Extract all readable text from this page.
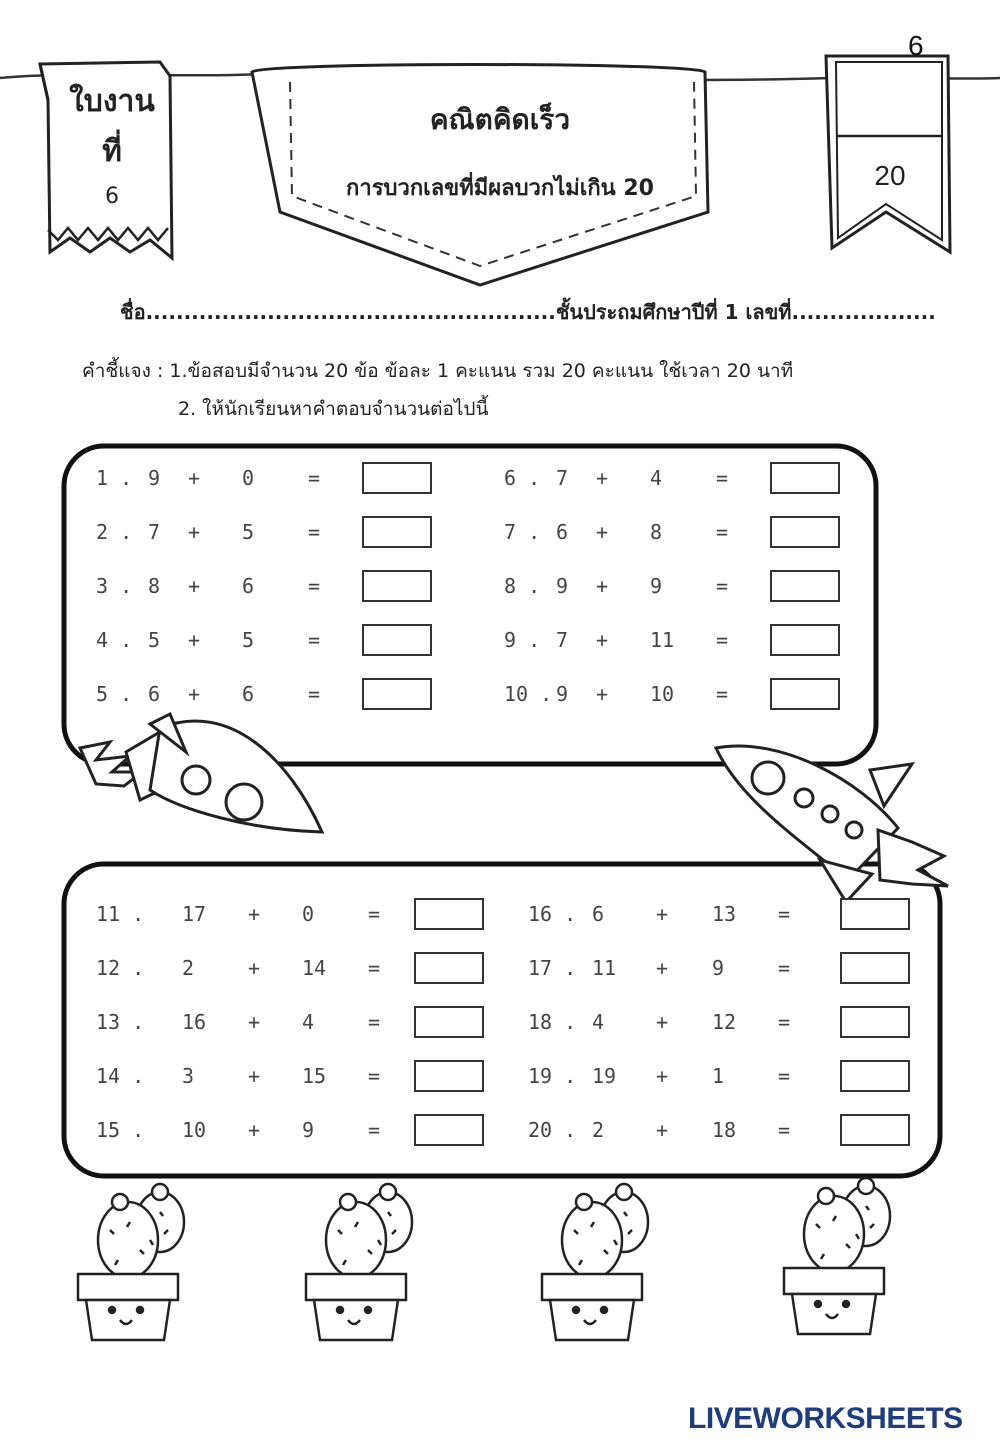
6
ใบงาน
ที่
6
20
คณิตคิดเร็ว
การบวกเลขที่มีผลบวกไม่เกิน 20
ชื่อ......................................................ชั้นประถมศึกษาปีที่ 1 เลขที่...................
คำชี้แจง : 1.ข้อสอบมีจำนวน 20 ข้อ ข้อละ 1 คะแนน รวม 20 คะแนน ใช้เวลา 20 นาที
2. ให้นักเรียนหาคำตอบจำนวนต่อไปนี้
1 . 9 + 0	=
2 . 7 + 5	=
3 . 8 + 6	=
4 . 5 + 5	=
5 . 6 + 6	=
6 . 7 + 4	=
7 . 6 + 8	=
8 . 9 + 9	=
9 . 7 + 11 =
10 . 9 + 10 =
11 . 17 + 0	=
12 . 2	+ 14 =
13 . 16 + 4	=
14 . 3	+ 15 =
15 . 10 + 9	=
16 . 6	+ 13 =
17 . 11 + 9	=
18 . 4	+ 12 =
19 . 19 + 1	=
20 . 2	+ 18 =
LIVEWORKSHEETS
